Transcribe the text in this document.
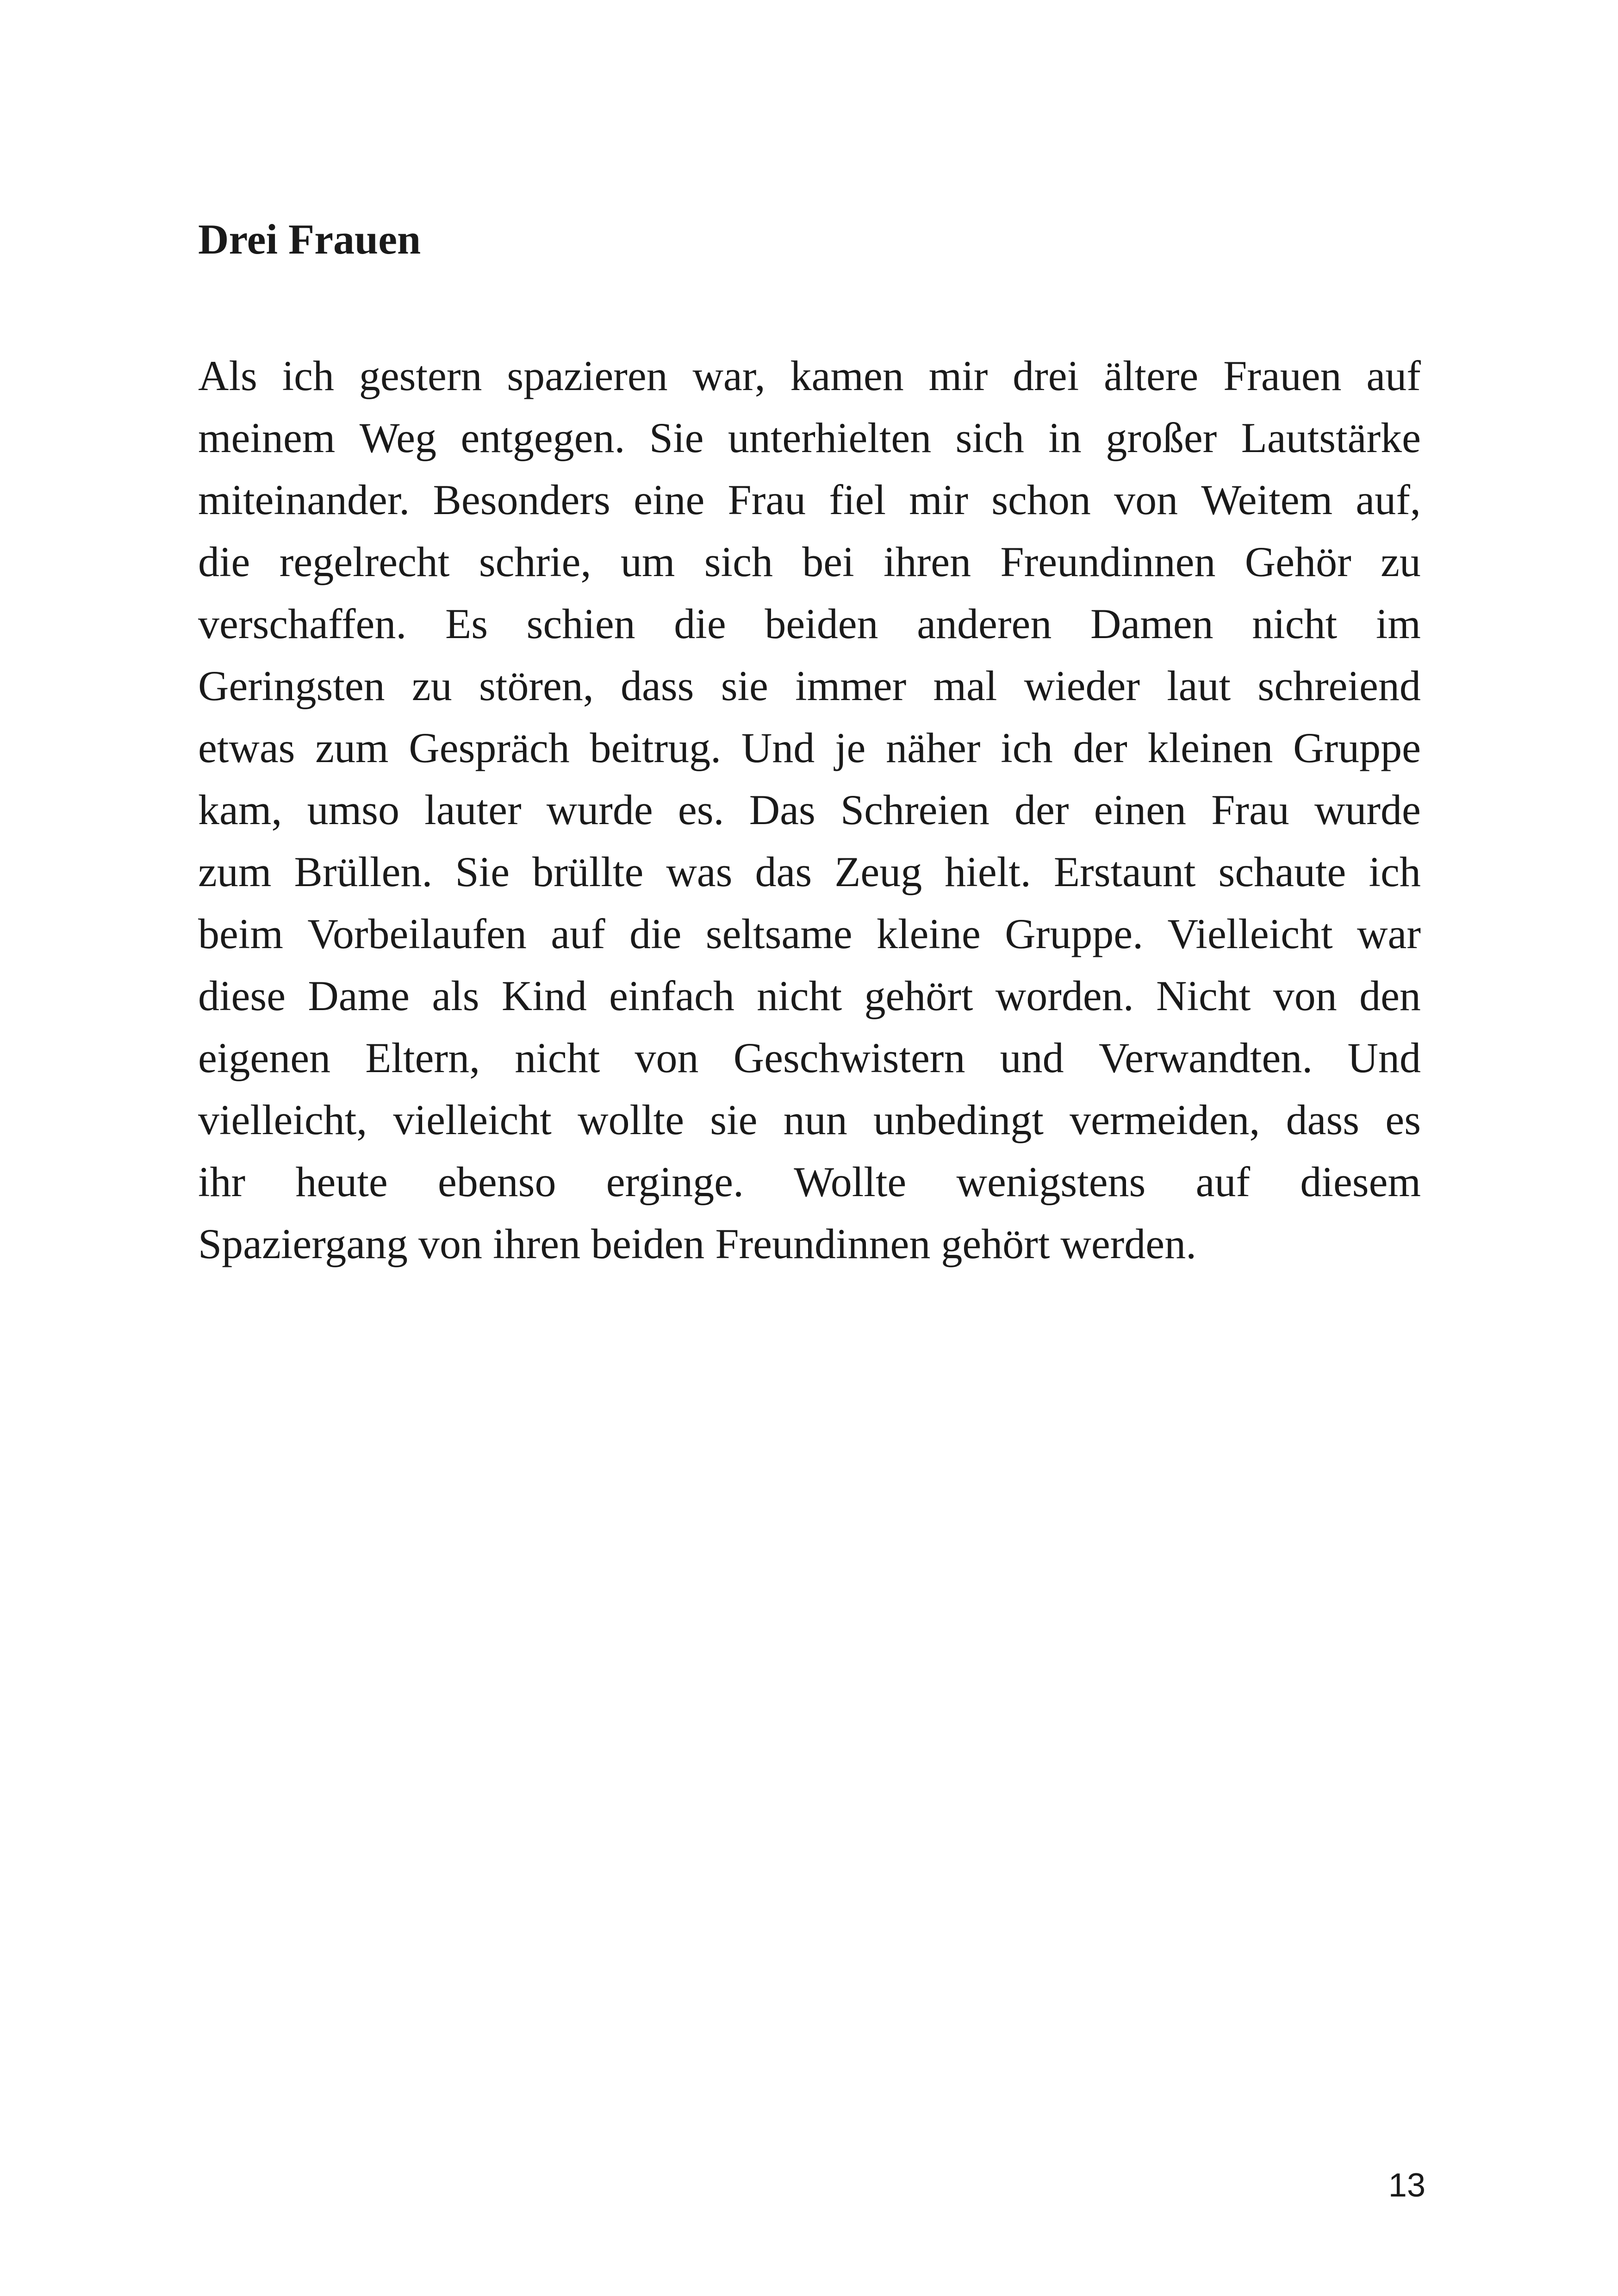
Drei Frauen
Als ich gestern spazieren war, kamen mir drei ältere Frauen auf
meinem Weg entgegen. Sie unterhielten sich in großer Lautstärke
miteinander. Besonders eine Frau fiel mir schon von Weitem auf,
die regelrecht schrie, um sich bei ihren Freundinnen Gehör zu
verschaffen. Es schien die beiden anderen Damen nicht im
Geringsten zu stören, dass sie immer mal wieder laut schreiend
etwas zum Gespräch beitrug. Und je näher ich der kleinen Gruppe
kam, umso lauter wurde es. Das Schreien der einen Frau wurde
zum Brüllen. Sie brüllte was das Zeug hielt. Erstaunt schaute ich
beim Vorbeilaufen auf die seltsame kleine Gruppe. Vielleicht war
diese Dame als Kind einfach nicht gehört worden. Nicht von den
eigenen Eltern, nicht von Geschwistern und Verwandten. Und
vielleicht, vielleicht wollte sie nun unbedingt vermeiden, dass es
ihr heute ebenso erginge. Wollte wenigstens auf diesem
Spaziergang von ihren beiden Freundinnen gehört werden.
13
